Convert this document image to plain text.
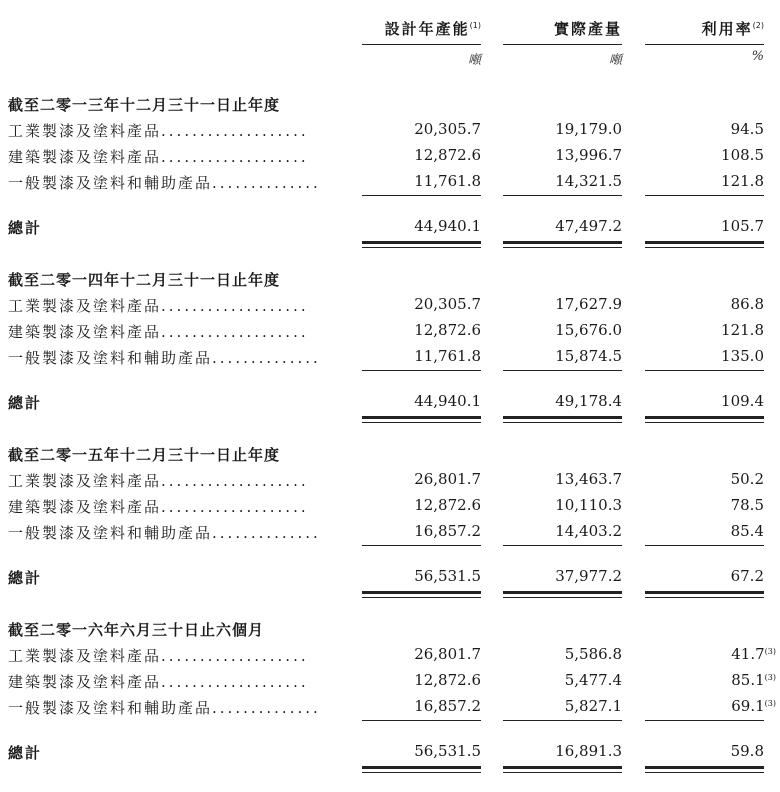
設計年產能$^{(1)}$	實際產量	利用率$^{(2)}$
噸	噸	%
截至二零一三年十二月三十一日止年度
工業製漆及塗料產品...................	20,305.7	19,179.0	94.5
建築製漆及塗料產品...................	12,872.6	13,996.7	108.5
一般製漆及塗料和輔助產品..............	11,761.8	14,321.5	121.8
總計	44,940.1	47,497.2	105.7
截至二零一四年十二月三十一日止年度
工業製漆及塗料產品...................	20,305.7	17,627.9	86.8
建築製漆及塗料產品...................	12,872.6	15,676.0	121.8
一般製漆及塗料和輔助產品..............	11,761.8	15,874.5	135.0
總計	44,940.1	49,178.4	109.4
截至二零一五年十二月三十一日止年度
工業製漆及塗料產品...................	26,801.7	13,463.7	50.2
建築製漆及塗料產品...................	12,872.6	10,110.3	78.5
一般製漆及塗料和輔助產品..............	16,857.2	14,403.2	85.4
總計	56,531.5	37,977.2	67.2
截至二零一六年六月三十日止六個月
工業製漆及塗料產品...................	26,801.7	5,586.8	41.7$^{(3)}$
建築製漆及塗料產品...................	12,872.6	5,477.4	85.1$^{(3)}$
一般製漆及塗料和輔助產品..............	16,857.2	5,827.1	69.1$^{(3)}$
總計	56,531.5	16,891.3	59.8
